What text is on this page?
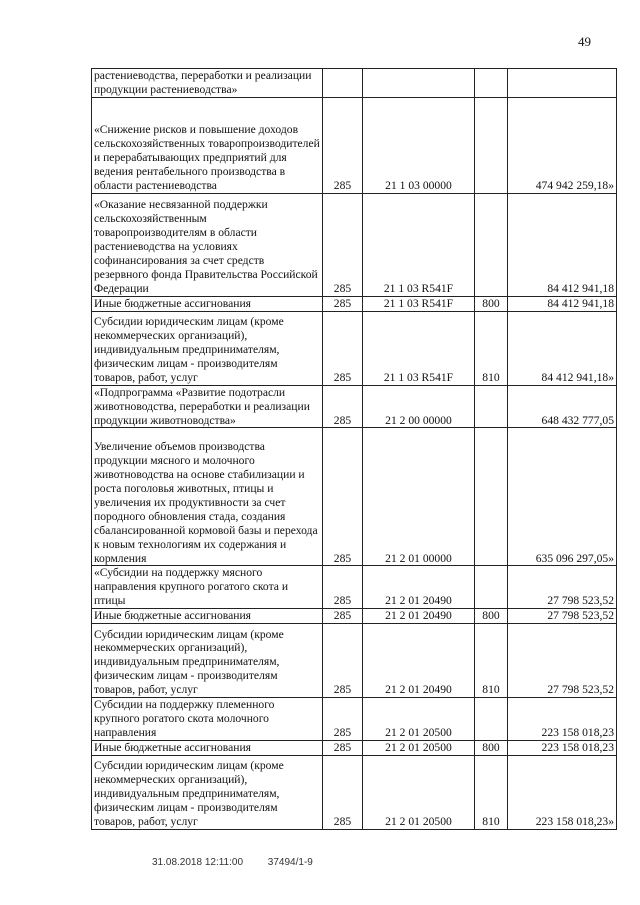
49
растениеводства, переработки и реализации продукции растениеводства»				
«Снижение рисков и повышение доходов сельскохозяйственных товаропроизводителей и перерабатывающих предприятий для ведения рентабельного производства в области растениеводства	285	21 1 03 00000		474 942 259,18»
«Оказание несвязанной поддержки сельскохозяйственным товаропроизводителям в области растениеводства на условиях софинансирования за счет средств резервного фонда Правительства Российской Федерации	285	21 1 03 R541F		84 412 941,18
Иные бюджетные ассигнования	285	21 1 03 R541F	800	84 412 941,18
Субсидии юридическим лицам (кроме некоммерческих организаций), индивидуальным предпринимателям, физическим лицам - производителям товаров, работ, услуг	285	21 1 03 R541F	810	84 412 941,18»
«Подпрограмма «Развитие подотрасли животноводства, переработки и реализации продукции животноводства»	285	21 2 00 00000		648 432 777,05
Увеличение объемов производства продукции мясного и молочного животноводства на основе стабилизации и роста поголовья животных, птицы и увеличения их продуктивности за счет породного обновления стада, создания сбалансированной кормовой базы и перехода к новым технологиям их содержания и кормления	285	21 2 01 00000		635 096 297,05»
«Субсидии на поддержку мясного направления крупного рогатого скота и птицы	285	21 2 01 20490		27 798 523,52
Иные бюджетные ассигнования	285	21 2 01 20490	800	27 798 523,52
Субсидии юридическим лицам (кроме некоммерческих организаций), индивидуальным предпринимателям, физическим лицам - производителям товаров, работ, услуг	285	21 2 01 20490	810	27 798 523,52
Субсидии на поддержку племенного крупного рогатого скота молочного направления	285	21 2 01 20500		223 158 018,23
Иные бюджетные ассигнования	285	21 2 01 20500	800	223 158 018,23
Субсидии юридическим лицам (кроме некоммерческих организаций), индивидуальным предпринимателям, физическим лицам - производителям товаров, работ, услуг	285	21 2 01 20500	810	223 158 018,23»
31.08.2018 12:11:00 37494/1-9
